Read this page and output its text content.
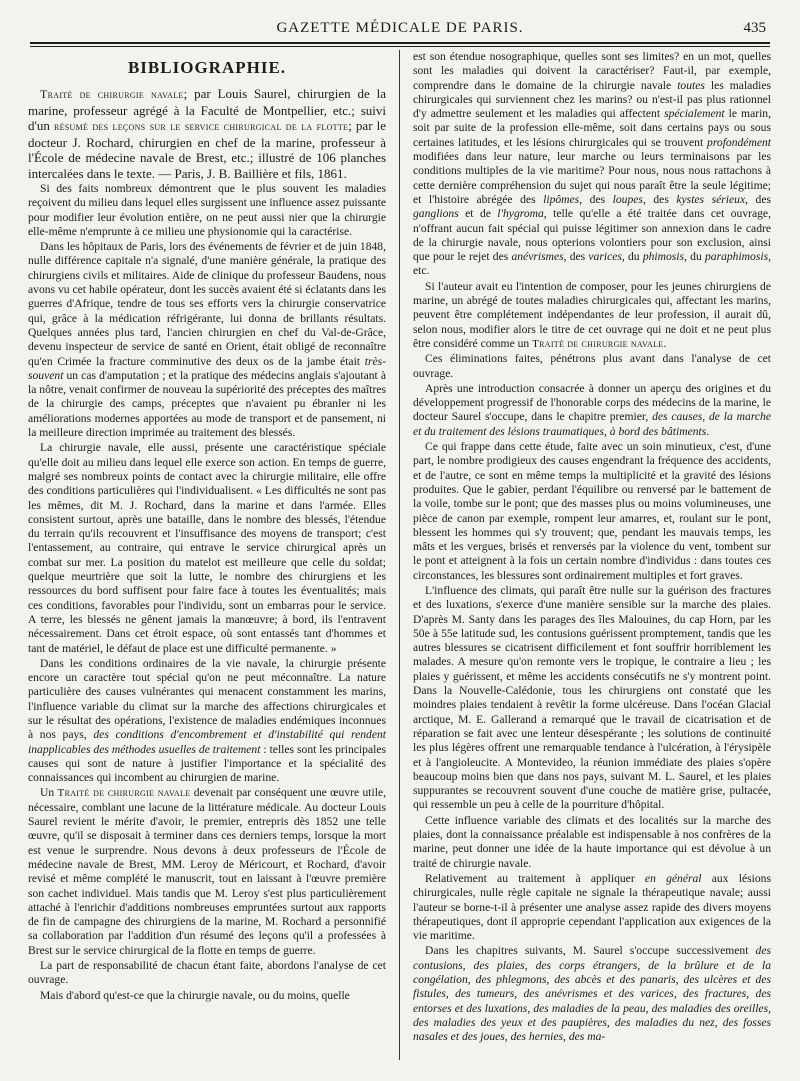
GAZETTE MÉDICALE DE PARIS.	435
BIBLIOGRAPHIE.

Traité de chirurgie navale; par Louis Saurel, chirurgien de la marine, professeur agrégé à la Faculté de Montpellier, etc.; suivi d'un résumé des leçons sur le service chirurgical de la flotte; par le docteur J. Rochard, chirurgien en chef de la marine, professeur à l'École de médecine navale de Brest, etc.; illustré de 106 planches intercalées dans le texte. — Paris, J. B. Baillière et fils, 1861.

Si des faits nombreux démontrent que le plus souvent les maladies reçoivent du milieu dans lequel elles surgissent une influence assez puissante pour modifier leur évolution entière, on ne peut aussi nier que la chirurgie elle-même n'emprunte à ce milieu une physionomie qui la caractérise.

Dans les hôpitaux de Paris, lors des événements de février et de juin 1848, nulle différence capitale n'a signalé, d'une manière générale, la pratique des chirurgiens civils et militaires. Aide de clinique du professeur Baudens, nous avons vu cet habile opérateur, dont les succès avaient été si éclatants dans les guerres d'Afrique, tendre de tous ses efforts vers la chirurgie conservatrice qui, grâce à la médication réfrigérante, lui donna de brillants résultats. Quelques années plus tard, l'ancien chirurgien en chef du Val-de-Grâce, devenu inspecteur de service de santé en Orient, était obligé de reconnaître qu'en Crimée la fracture comminutive des deux os de la jambe était très-souvent un cas d'amputation ; et la pratique des médecins anglais s'ajoutant à la nôtre, venait confirmer de nouveau la supériorité des préceptes des maîtres de la chirurgie des camps, préceptes que n'avaient pu ébranler ni les améliorations modernes apportées au mode de transport et de pansement, ni la meilleure direction imprimée au traitement des blessés.

La chirurgie navale, elle aussi, présente une caractéristique spéciale qu'elle doit au milieu dans lequel elle exerce son action. En temps de guerre, malgré ses nombreux points de contact avec la chirurgie militaire, elle offre des conditions particulières qui l'individualisent. « Les difficultés ne sont pas les mêmes, dit M. J. Rochard, dans la marine et dans l'armée. Elles consistent surtout, après une bataille, dans le nombre des blessés, l'étendue du terrain qu'ils recouvrent et l'insuffisance des moyens de transport; c'est l'entassement, au contraire, qui entrave le service chirurgical après un combat sur mer. La position du matelot est meilleure que celle du soldat; quelque meurtrière que soit la lutte, le nombre des chirurgiens et les ressources du bord suffisent pour faire face à toutes les éventualités; mais ces conditions, favorables pour l'individu, sont un embarras pour le service. A terre, les blessés ne gênent jamais la manœuvre; à bord, ils l'entravent nécessairement. Dans cet étroit espace, où sont entassés tant d'hommes et tant de matériel, le défaut de place est une difficulté permanente. »

Dans les conditions ordinaires de la vie navale, la chirurgie présente encore un caractère tout spécial qu'on ne peut méconnaître. La nature particulière des causes vulnérantes qui menacent constamment les marins, l'influence variable du climat sur la marche des affections chirurgicales et sur le résultat des opérations, l'existence de maladies endémiques inconnues à nos pays, des conditions d'encombrement et d'instabilité qui rendent inapplicables des méthodes usuelles de traitement : telles sont les principales causes qui sont de nature à justifier l'importance et la spécialité des connaissances qui incombent au chirurgien de marine.

Un Traité de chirurgie navale devenait par conséquent une œuvre utile, nécessaire, comblant une lacune de la littérature médicale. Au docteur Louis Saurel revient le mérite d'avoir, le premier, entrepris dès 1852 une telle œuvre, qu'il se disposait à terminer dans ces derniers temps, lorsque la mort est venue le surprendre. Nous devons à deux professeurs de l'École de médecine navale de Brest, MM. Leroy de Méricourt, et Rochard, d'avoir revisé et même complété le manuscrit, tout en laissant à l'œuvre première son cachet individuel. Mais tandis que M. Leroy s'est plus particulièrement attaché à l'enrichir d'additions nombreuses empruntées surtout aux rapports de fin de campagne des chirurgiens de la marine, M. Rochard a personnifié sa collaboration par l'addition d'un résumé des leçons qu'il a professées à Brest sur le service chirurgical de la flotte en temps de guerre.

La part de responsabilité de chacun étant faite, abordons l'analyse de cet ouvrage.

Mais d'abord qu'est-ce que la chirurgie navale, ou du moins, quelle

est son étendue nosographique, quelles sont ses limites? en un mot, quelles sont les maladies qui doivent la caractériser? Faut-il, par exemple, comprendre dans le domaine de la chirurgie navale toutes les maladies chirurgicales qui surviennent chez les marins? ou n'est-il pas plus rationnel d'y admettre seulement et les maladies qui affectent spécialement le marin, soit par suite de la profession elle-même, soit dans certains pays ou sous certaines latitudes, et les lésions chirurgicales qui se trouvent profondément modifiées dans leur nature, leur marche ou leurs terminaisons par les conditions multiples de la vie maritime? Pour nous, nous nous rattachons à cette dernière compréhension du sujet qui nous paraît être la seule légitime; et l'histoire abrégée des lipômes, des loupes, des kystes sérieux, des ganglions et de l'hygroma, telle qu'elle a été traitée dans cet ouvrage, n'offrant aucun fait spécial qui puisse légitimer son annexion dans le cadre de la chirurgie navale, nous opterions volontiers pour son exclusion, ainsi que pour le rejet des anévrismes, des varices, du phimosis, du paraphimosis, etc.

Si l'auteur avait eu l'intention de composer, pour les jeunes chirurgiens de marine, un abrégé de toutes maladies chirurgicales qui, affectant les marins, peuvent être complétement indépendantes de leur profession, il aurait dû, selon nous, modifier alors le titre de cet ouvrage qui ne doit et ne peut plus être considéré comme un Traité de chirurgie navale.

Ces éliminations faites, pénétrons plus avant dans l'analyse de cet ouvrage.

Après une introduction consacrée à donner un aperçu des origines et du développement progressif de l'honorable corps des médecins de la marine, le docteur Saurel s'occupe, dans le chapitre premier, des causes, de la marche et du traitement des lésions traumatiques, à bord des bâtiments.

Ce qui frappe dans cette étude, faite avec un soin minutieux, c'est, d'une part, le nombre prodigieux des causes engendrant la fréquence des accidents, et de l'autre, ce sont en même temps la multiplicité et la gravité des lésions produites. Que le gabier, perdant l'équilibre ou renversé par le battement de la voile, tombe sur le pont; que des masses plus ou moins volumineuses, une pièce de canon par exemple, rompent leur amarres, et, roulant sur le pont, blessent les hommes qui s'y trouvent; que, pendant les mauvais temps, les mâts et les vergues, brisés et renversés par la violence du vent, tombent sur le pont et atteignent à la fois un certain nombre d'individus : dans toutes ces circonstances, les blessures sont ordinairement multiples et fort graves.

L'influence des climats, qui paraît être nulle sur la guérison des fractures et des luxations, s'exerce d'une manière sensible sur la marche des plaies. D'après M. Santy dans les parages des îles Malouines, du cap Horn, par les 50e à 55e latitude sud, les contusions guérissent promptement, tandis que les autres blessures se cicatrisent difficilement et font souffrir horriblement les malades. A mesure qu'on remonte vers le tropique, le contraire a lieu ; les plaies y guérissent, et même les accidents consécutifs ne s'y montrent point. Dans la Nouvelle-Calédonie, tous les chirurgiens ont constaté que les moindres plaies tendaient à revêtir la forme ulcéreuse. Dans l'océan Glacial arctique, M. E. Gallerand a remarqué que le travail de cicatrisation et de réparation se fait avec une lenteur désespérante ; les solutions de continuité les plus légères offrent une remarquable tendance à l'ulcération, à l'érysipèle et à l'angioleucite. A Montevideo, la réunion immédiate des plaies s'opère beaucoup moins bien que dans nos pays, suivant M. L. Saurel, et les plaies suppurantes se recouvrent souvent d'une couche de matière grise, pultacée, qui ressemble un peu à celle de la pourriture d'hôpital.

Cette influence variable des climats et des localités sur la marche des plaies, dont la connaissance préalable est indispensable à nos confrères de la marine, peut donner une idée de la haute importance qui est dévolue à un traité de chirurgie navale.

Relativement au traitement à appliquer en général aux lésions chirurgicales, nulle règle capitale ne signale la thérapeutique navale; aussi l'auteur se borne-t-il à présenter une analyse assez rapide des divers moyens thérapeutiques, dont il approprie cependant l'application aux exigences de la vie maritime.

Dans les chapitres suivants, M. Saurel s'occupe successivement des contusions, des plaies, des corps étrangers, de la brûlure et de la congélation, des phlegmons, des abcès et des panaris, des ulcères et des fistules, des tumeurs, des anévrismes et des varices, des fractures, des entorses et des luxations, des maladies de la peau, des maladies des oreilles, des maladies des yeux et des paupières, des maladies du nez, des fosses nasales et des joues, des hernies, des ma-
